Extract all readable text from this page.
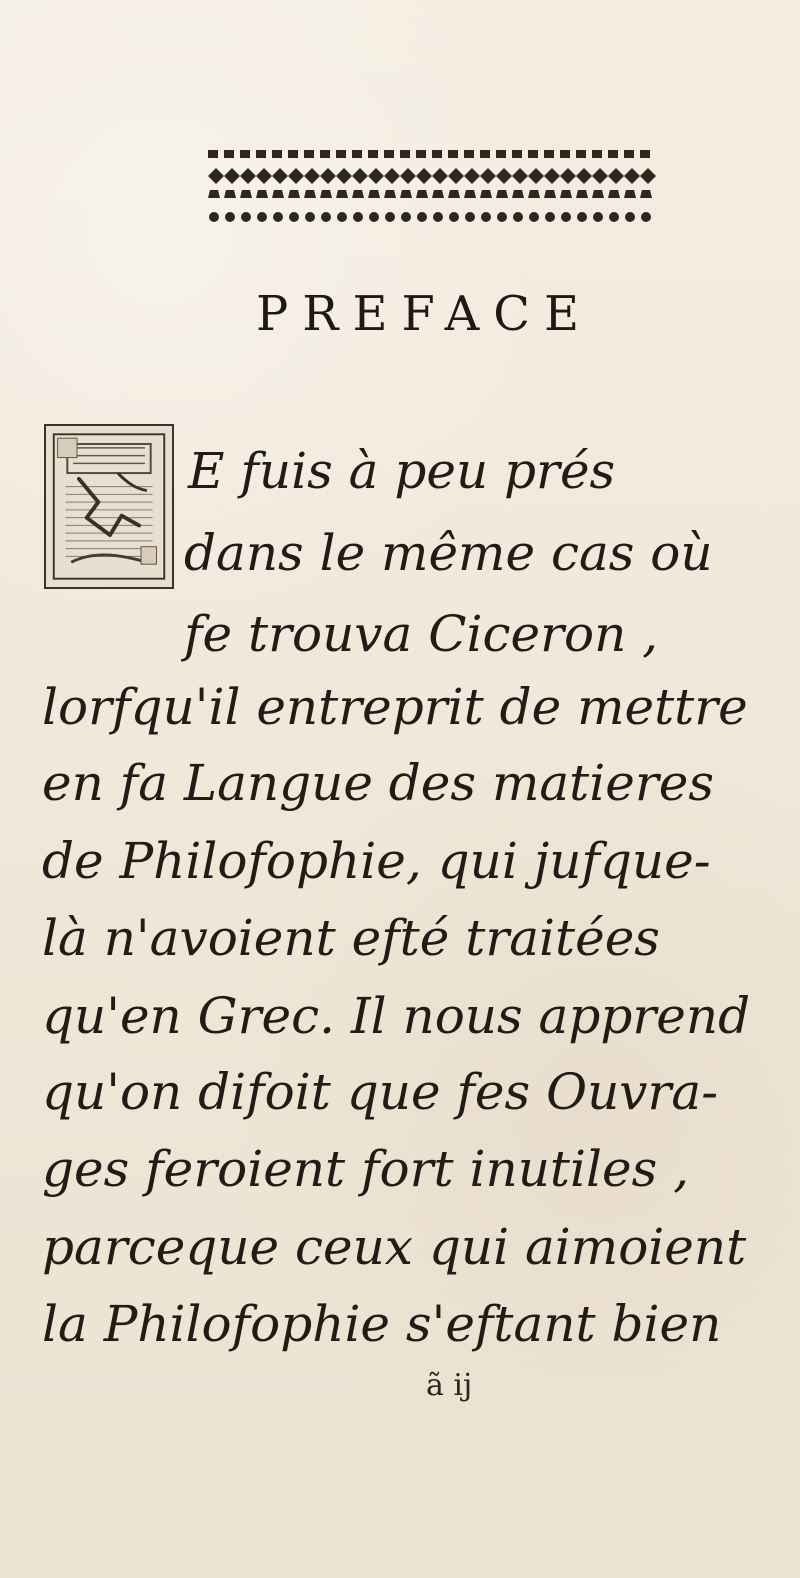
PREFACE
E fuis à peu prés
dans le même cas où
fe trouva Ciceron ,
lorfqu'il entreprit de mettre
en fa Langue des matieres
de Philofophie, qui jufque-
là n'avoient efté traitées
qu'en Grec. Il nous apprend
qu'on difoit que fes Ouvra-
ges feroient fort inutiles ,
parceque ceux qui aimoient
la Philofophie s'eftant bien
ã ij
